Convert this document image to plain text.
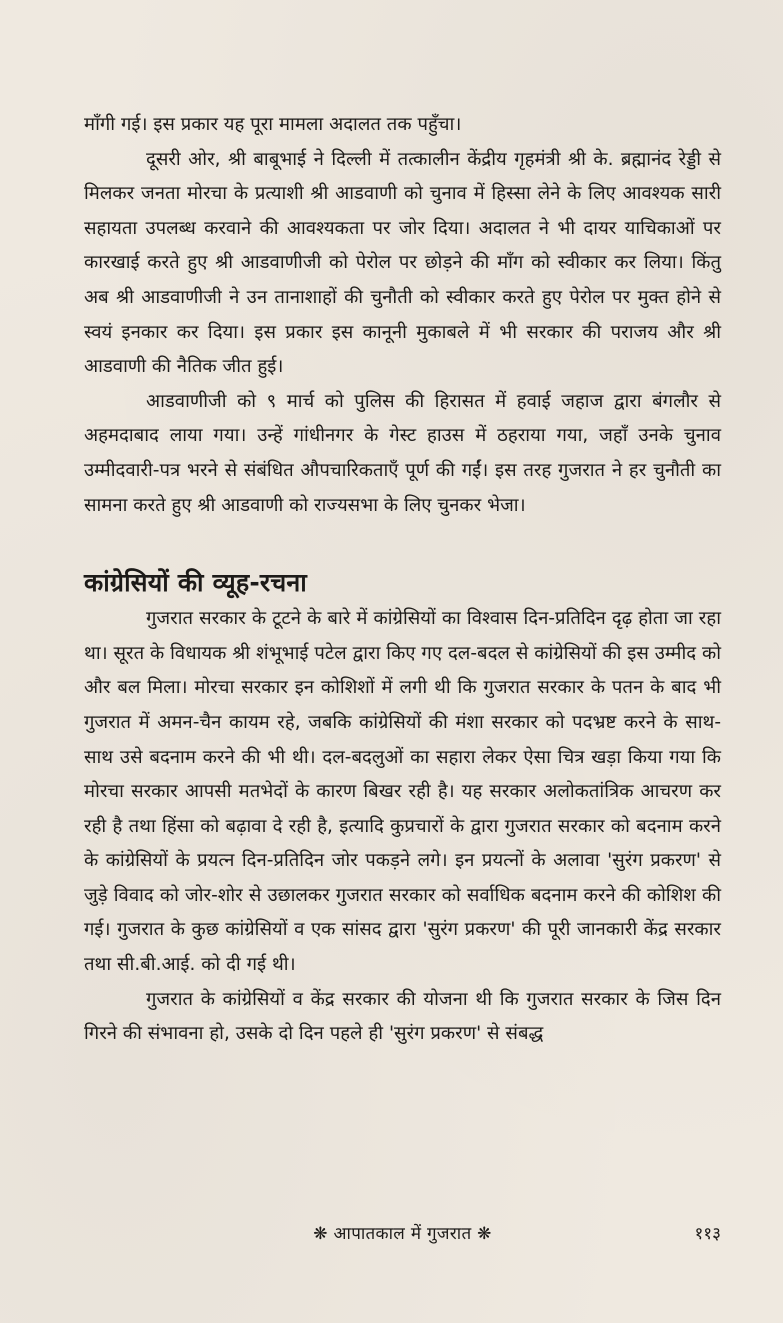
माँगी गई। इस प्रकार यह पूरा मामला अदालत तक पहुँचा।

दूसरी ओर, श्री बाबूभाई ने दिल्ली में तत्कालीन केंद्रीय गृहमंत्री श्री के. ब्रह्मानंद रेड्डी से मिलकर जनता मोरचा के प्रत्याशी श्री आडवाणी को चुनाव में हिस्सा लेने के लिए आवश्यक सारी सहायता उपलब्ध करवाने की आवश्यकता पर जोर दिया। अदालत ने भी दायर याचिकाओं पर कारखाई करते हुए श्री आडवाणीजी को पेरोल पर छोड़ने की माँग को स्वीकार कर लिया। किंतु अब श्री आडवाणीजी ने उन तानाशाहों की चुनौती को स्वीकार करते हुए पेरोल पर मुक्त होने से स्वयं इनकार कर दिया। इस प्रकार इस कानूनी मुकाबले में भी सरकार की पराजय और श्री आडवाणी की नैतिक जीत हुई।

आडवाणीजी को ९ मार्च को पुलिस की हिरासत में हवाई जहाज द्वारा बंगलौर से अहमदाबाद लाया गया। उन्हें गांधीनगर के गेस्ट हाउस में ठहराया गया, जहाँ उनके चुनाव उम्मीदवारी-पत्र भरने से संबंधित औपचारिकताएँ पूर्ण की गईं। इस तरह गुजरात ने हर चुनौती का सामना करते हुए श्री आडवाणी को राज्यसभा के लिए चुनकर भेजा।

कांग्रेसियों की व्यूह-रचना

गुजरात सरकार के टूटने के बारे में कांग्रेसियों का विश्वास दिन-प्रतिदिन दृढ़ होता जा रहा था। सूरत के विधायक श्री शंभूभाई पटेल द्वारा किए गए दल-बदल से कांग्रेसियों की इस उम्मीद को और बल मिला। मोरचा सरकार इन कोशिशों में लगी थी कि गुजरात सरकार के पतन के बाद भी गुजरात में अमन-चैन कायम रहे, जबकि कांग्रेसियों की मंशा सरकार को पदभ्रष्ट करने के साथ-साथ उसे बदनाम करने की भी थी। दल-बदलुओं का सहारा लेकर ऐसा चित्र खड़ा किया गया कि मोरचा सरकार आपसी मतभेदों के कारण बिखर रही है। यह सरकार अलोकतांत्रिक आचरण कर रही है तथा हिंसा को बढ़ावा दे रही है, इत्यादि कुप्रचारों के द्वारा गुजरात सरकार को बदनाम करने के कांग्रेसियों के प्रयत्न दिन-प्रतिदिन जोर पकड़ने लगे। इन प्रयत्नों के अलावा 'सुरंग प्रकरण' से जुड़े विवाद को जोर-शोर से उछालकर गुजरात सरकार को सर्वाधिक बदनाम करने की कोशिश की गई। गुजरात के कुछ कांग्रेसियों व एक सांसद द्वारा 'सुरंग प्रकरण' की पूरी जानकारी केंद्र सरकार तथा सी.बी.आई. को दी गई थी।

गुजरात के कांग्रेसियों व केंद्र सरकार की योजना थी कि गुजरात सरकार के जिस दिन गिरने की संभावना हो, उसके दो दिन पहले ही 'सुरंग प्रकरण' से संबद्ध

❋ आपातकाल में गुजरात ❋	११३
